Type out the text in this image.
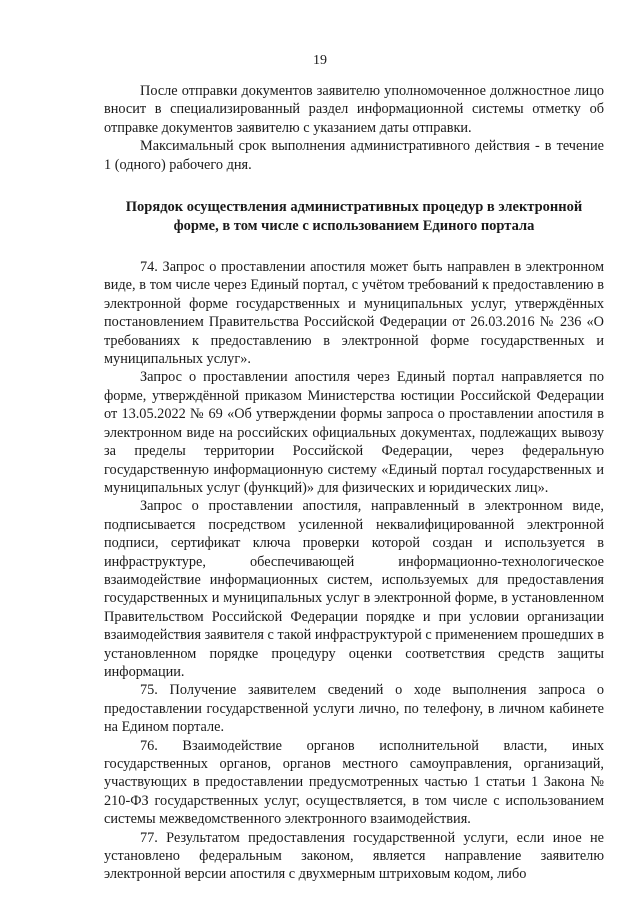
19

После отправки документов заявителю уполномоченное должностное лицо вносит в специализированный раздел информационной системы отметку об отправке документов заявителю с указанием даты отправки.

Максимальный срок выполнения административного действия - в течение 1 (одного) рабочего дня.

Порядок осуществления административных процедур в электронной форме, в том числе с использованием Единого портала

74. Запрос о проставлении апостиля может быть направлен в электронном виде, в том числе через Единый портал, с учётом требований к предоставлению в электронной форме государственных и муниципальных услуг, утверждённых постановлением Правительства Российской Федерации от 26.03.2016 № 236 «О требованиях к предоставлению в электронной форме государственных и муниципальных услуг».

Запрос о проставлении апостиля через Единый портал направляется по форме, утверждённой приказом Министерства юстиции Российской Федерации от 13.05.2022 № 69 «Об утверждении формы запроса о проставлении апостиля в электронном виде на российских официальных документах, подлежащих вывозу за пределы территории Российской Федерации, через федеральную государственную информационную систему «Единый портал государственных и муниципальных услуг (функций)» для физических и юридических лиц».

Запрос о проставлении апостиля, направленный в электронном виде, подписывается посредством усиленной неквалифицированной электронной подписи, сертификат ключа проверки которой создан и используется в инфраструктуре, обеспечивающей информационно-технологическое взаимодействие информационных систем, используемых для предоставления государственных и муниципальных услуг в электронной форме, в установленном Правительством Российской Федерации порядке и при условии организации взаимодействия заявителя с такой инфраструктурой с применением прошедших в установленном порядке процедуру оценки соответствия средств защиты информации.

75. Получение заявителем сведений о ходе выполнения запроса о предоставлении государственной услуги лично, по телефону, в личном кабинете на Едином портале.

76. Взаимодействие органов исполнительной власти, иных государственных органов, органов местного самоуправления, организаций, участвующих в предоставлении предусмотренных частью 1 статьи 1 Закона № 210-ФЗ государственных услуг, осуществляется, в том числе с использованием системы межведомственного электронного взаимодействия.

77. Результатом предоставления государственной услуги, если иное не установлено федеральным законом, является направление заявителю электронной версии апостиля с двухмерным штриховым кодом, либо
